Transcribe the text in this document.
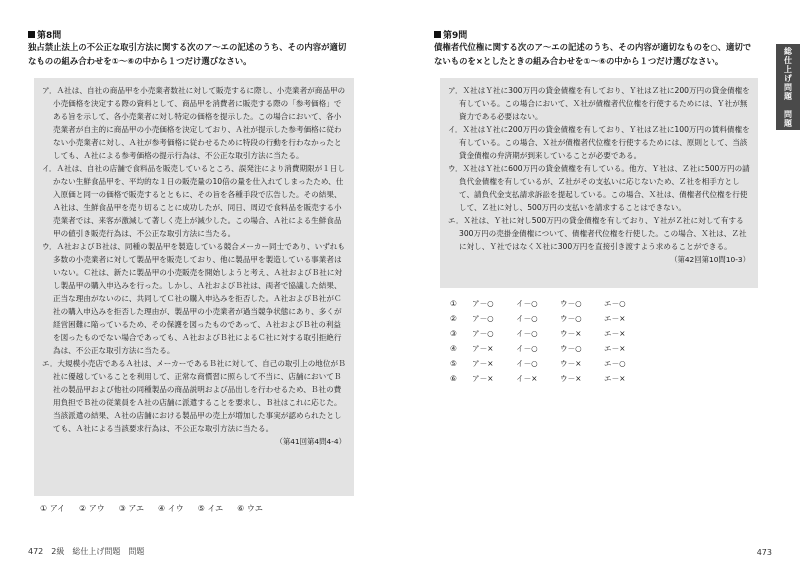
第8問
独占禁止法上の不公正な取引方法に関する次のア〜エの記述のうち、その内容が適切
なものの組み合わせを①〜⑥の中から１つだけ選びなさい。

ア．Ａ社は、自社の商品甲を小売業者数社に対して販売するに際し、小売業者が商品甲の小売価格を決定する際の資料として、商品甲を消費者に販売する際の「参考価格」である旨を示して、各小売業者に対し特定の価格を提示した。この場合において、各小売業者が自主的に商品甲の小売価格を決定しており、Ａ社が提示した参考価格に従わない小売業者に対し、Ａ社が参考価格に従わせるために特段の行動を行わなかったとしても、Ａ社による参考価格の提示行為は、不公正な取引方法に当たる。

イ．Ａ社は、自社の店舗で食料品を販売しているところ、誤発注により消費期限が１日しかない生鮮食品甲を、平均的な１日の販売量の10倍の量を仕入れてしまったため、仕入原価と同一の価格で販売するとともに、その旨を各種手段で広告した。その結果、Ａ社は、生鮮食品甲を売り切ることに成功したが、同日、周辺で食料品を販売する小売業者では、来客が激減して著しく売上が減少した。この場合、Ａ社による生鮮食品甲の値引き販売行為は、不公正な取引方法に当たる。

ウ．Ａ社およびＢ社は、同種の製品甲を製造している競合メーカー同士であり、いずれも多数の小売業者に対して製品甲を販売しており、他に製品甲を製造している事業者はいない。Ｃ社は、新たに製品甲の小売販売を開始しようと考え、Ａ社およびＢ社に対し製品甲の購入申込みを行った。しかし、Ａ社およびＢ社は、両者で協議した結果、正当な理由がないのに、共同してＣ社の購入申込みを拒否した。Ａ社およびＢ社がＣ社の購入申込みを拒否した理由が、製品甲の小売業者が過当競争状態にあり、多くが経営困難に陥っているため、その保護を図ったものであって、Ａ社およびＢ社の利益を図ったものでない場合であっても、Ａ社およびＢ社によるＣ社に対する取引拒絶行為は、不公正な取引方法に当たる。

エ．大規模小売店であるＡ社は、メーカーであるＢ社に対して、自己の取引上の地位がＢ社に優越していることを利用して、正常な商慣習に照らして不当に、店舗においてＢ社の製品甲および他社の同種製品の商品説明および品出しを行わせるため、Ｂ社の費用負担でＢ社の従業員をＡ社の店舗に派遣することを要求し、Ｂ社はこれに応じた。当該派遣の結果、Ａ社の店舗における製品甲の売上が増加した事実が認められたとしても、Ａ社による当該要求行為は、不公正な取引方法に当たる。

（第41回第4問4-4）
① アイ ② アウ ③ アエ ④ イウ ⑤ イエ ⑥ ウエ
472　2級　総仕上げ問題　問題
第9問
債権者代位権に関する次のア〜エの記述のうち、その内容が適切なものを○、適切で
ないものを×としたときの組み合わせを①〜⑥の中から１つだけ選びなさい。

ア．Ｘ社はＹ社に300万円の貸金債権を有しており、Ｙ社はＺ社に200万円の貸金債権を有している。この場合において、Ｘ社が債権者代位権を行使するためには、Ｙ社が無資力である必要はない。

イ．Ｘ社はＹ社に200万円の貸金債権を有しており、Ｙ社はＺ社に100万円の賃料債権を有している。この場合、Ｘ社が債権者代位権を行使するためには、原則として、当該貸金債権の弁済期が到来していることが必要である。

ウ．Ｘ社はＹ社に600万円の貸金債権を有している。他方、Ｙ社は、Ｚ社に500万円の請負代金債権を有しているが、Ｚ社がその支払いに応じないため、Ｚ社を相手方として、請負代金支払請求訴訟を提起している。この場合、Ｘ社は、債権者代位権を行使して、Ｚ社に対し、500万円の支払いを請求することはできない。

エ．Ｘ社は、Ｙ社に対し500万円の貸金債権を有しており、Ｙ社がＺ社に対して有する300万円の売掛金債権について、債権者代位権を行使した。この場合、Ｘ社は、Ｚ社に対し、Ｙ社ではなくＸ社に300万円を直接引き渡すよう求めることができる。

（第42回第10問10-3）
①	ア－○	イ－○	ウ－○	エ－○
②	ア－○	イ－○	ウ－○	エ－×
③	ア－○	イ－○	ウ－×	エ－×
④	ア－×	イ－○	ウ－○	エ－×
⑤	ア－×	イ－○	ウ－×	エ－○
⑥	ア－×	イ－×	ウ－×	エ－×
総仕上げ問題　問題
473
